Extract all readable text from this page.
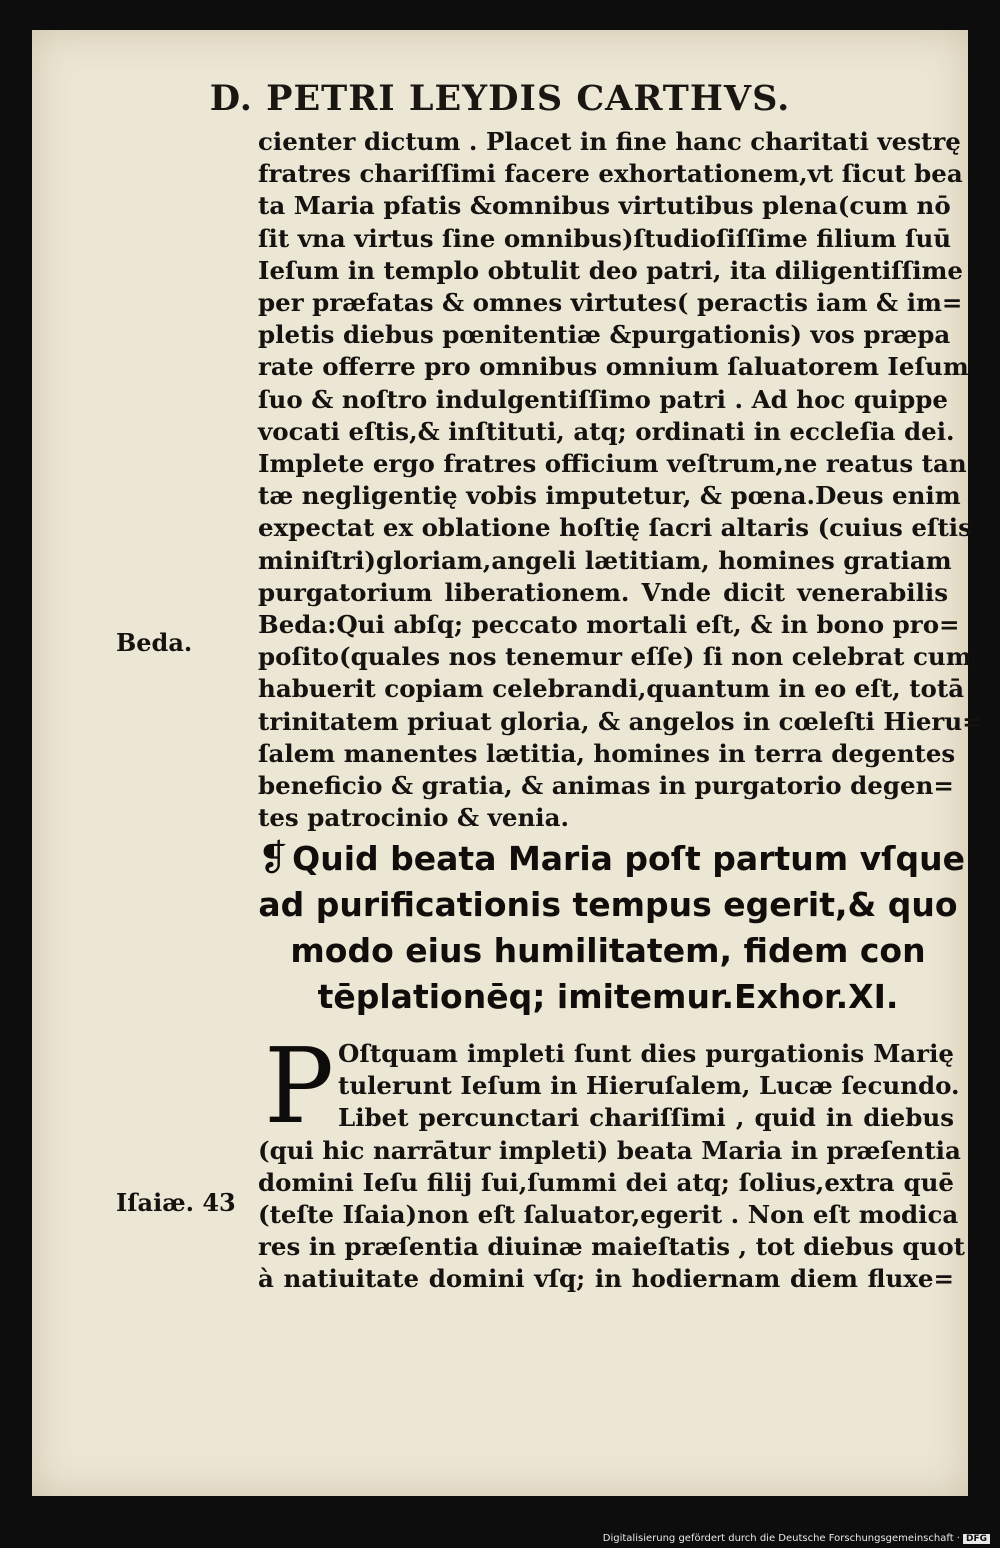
D. PETRI LEYDIS CARTHVS.
cienter dictum . Placet in fine hanc charitati vestrę
fratres chariſſimi facere exhortationem,vt ſicut bea
ta Maria pfatis &omnibus virtutibus plena(cum nō
ſit vna virtus ſine omnibus)ſtudioſiſſime filium ſuū
Ieſum in templo obtulit deo patri, ita diligentiſſime
per præfatas & omnes virtutes( peractis iam & im=
pletis diebus pœnitentiæ &purgationis) vos præpa
rate offerre pro omnibus omnium ſaluatorem Ieſum
ſuo & noſtro indulgentiſſimo patri . Ad hoc quippe
vocati eſtis,& inſtituti, atq; ordinati in eccleſia dei.
Implete ergo fratres officium veſtrum,ne reatus tan
tæ negligentię vobis imputetur, & pœna.Deus enim
expectat ex oblatione hoſtię ſacri altaris (cuius eſtis
miniſtri)gloriam,angeli lætitiam, homines gratiam
purgatorium liberationem. Vnde dicit venerabilis
Beda:Qui abſq; peccato mortali eſt, & in bono pro=
poſito(quales nos tenemur eſſe) ſi non celebrat cum
habuerit copiam celebrandi,quantum in eo eſt, totā
trinitatem priuat gloria, & angelos in cœleſti Hieru=
ſalem manentes lætitia, homines in terra degentes
beneficio & gratia, & animas in purgatorio degen=
tes patrocinio & venia.
Beda.
❡ Quid beata Maria poſt partum vſque
ad purificationis tempus egerit,& quo
modo eius humilitatem, fidem con
tēplationēq; imitemur.Exhor.XI.
P Oſtquam impleti ſunt dies purgationis Marię
tulerunt Ieſum in Hieruſalem, Lucæ ſecundo.
Libet percunctari chariſſimi , quid in diebus
(qui hic narrātur impleti) beata Maria in præſentia
domini Ieſu filij ſui,ſummi dei atq; ſolius,extra quē
(teſte Iſaia)non eſt ſaluator,egerit . Non eſt modica
res in præſentia diuinæ maieſtatis , tot diebus quot
à natiuitate domini vſq; in hodiernam diem fluxe=
Iſaiæ. 43
Digitalisierung gefördert durch die Deutsche Forschungsgemeinschaft · DFG
